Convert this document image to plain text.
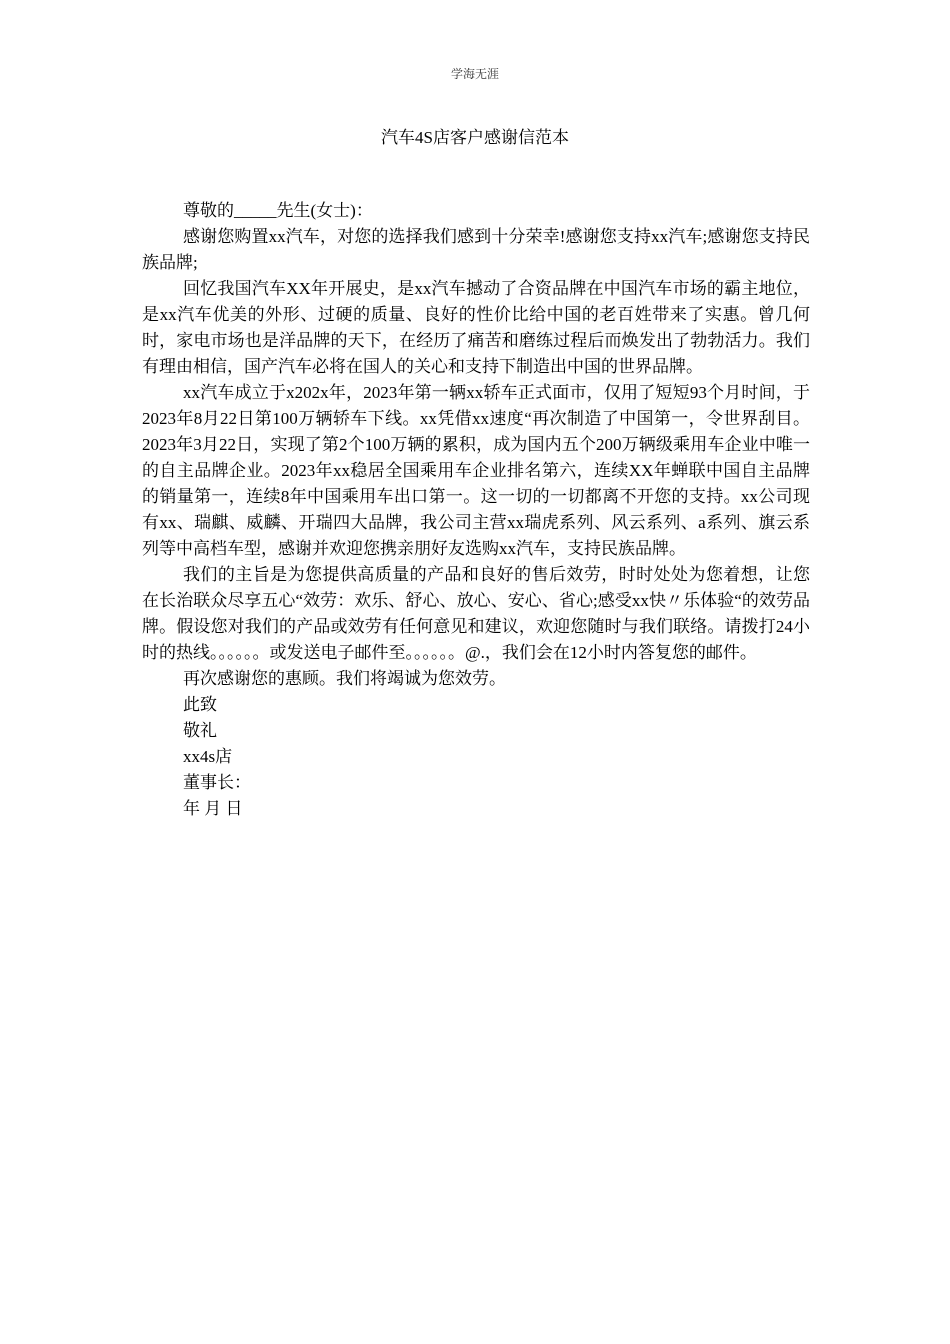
学海无涯
汽车4S店客户感谢信范本

尊敬的_____先生(女士)：

感谢您购置xx汽车，对您的选择我们感到十分荣幸!感谢您支持xx汽车;感谢您支持民族品牌;

回忆我国汽车XX年开展史，是xx汽车撼动了合资品牌在中国汽车市场的霸主地位，是xx汽车优美的外形、过硬的质量、良好的性价比给中国的老百姓带来了实惠。曾几何时，家电市场也是洋品牌的天下，在经历了痛苦和磨练过程后而焕发出了勃勃活力。我们有理由相信，国产汽车必将在国人的关心和支持下制造出中国的世界品牌。

xx汽车成立于x202x年，2023年第一辆xx轿车正式面市，仅用了短短93个月时间，于2023年8月22日第100万辆轿车下线。xx凭借xx速度“再次制造了中国第一，令世界刮目。2023年3月22日，实现了第2个100万辆的累积，成为国内五个200万辆级乘用车企业中唯一的自主品牌企业。2023年xx稳居全国乘用车企业排名第六，连续XX年蝉联中国自主品牌的销量第一，连续8年中国乘用车出口第一。这一切的一切都离不开您的支持。xx公司现有xx、瑞麒、威麟、开瑞四大品牌，我公司主营xx瑞虎系列、风云系列、a系列、旗云系列等中高档车型，感谢并欢迎您携亲朋好友选购xx汽车，支持民族品牌。

我们的主旨是为您提供高质量的产品和良好的售后效劳，时时处处为您着想，让您在长治联众尽享五心“效劳：欢乐、舒心、放心、安心、省心;感受xx快〃乐体验“的效劳品牌。假设您对我们的产品或效劳有任何意见和建议，欢迎您随时与我们联络。请拨打24小时的热线。。。。。。或发送电子邮件至。。。。。。@.，我们会在12小时内答复您的邮件。

再次感谢您的惠顾。我们将竭诚为您效劳。

此致

敬礼

xx4s店

董事长：

年 月 日
